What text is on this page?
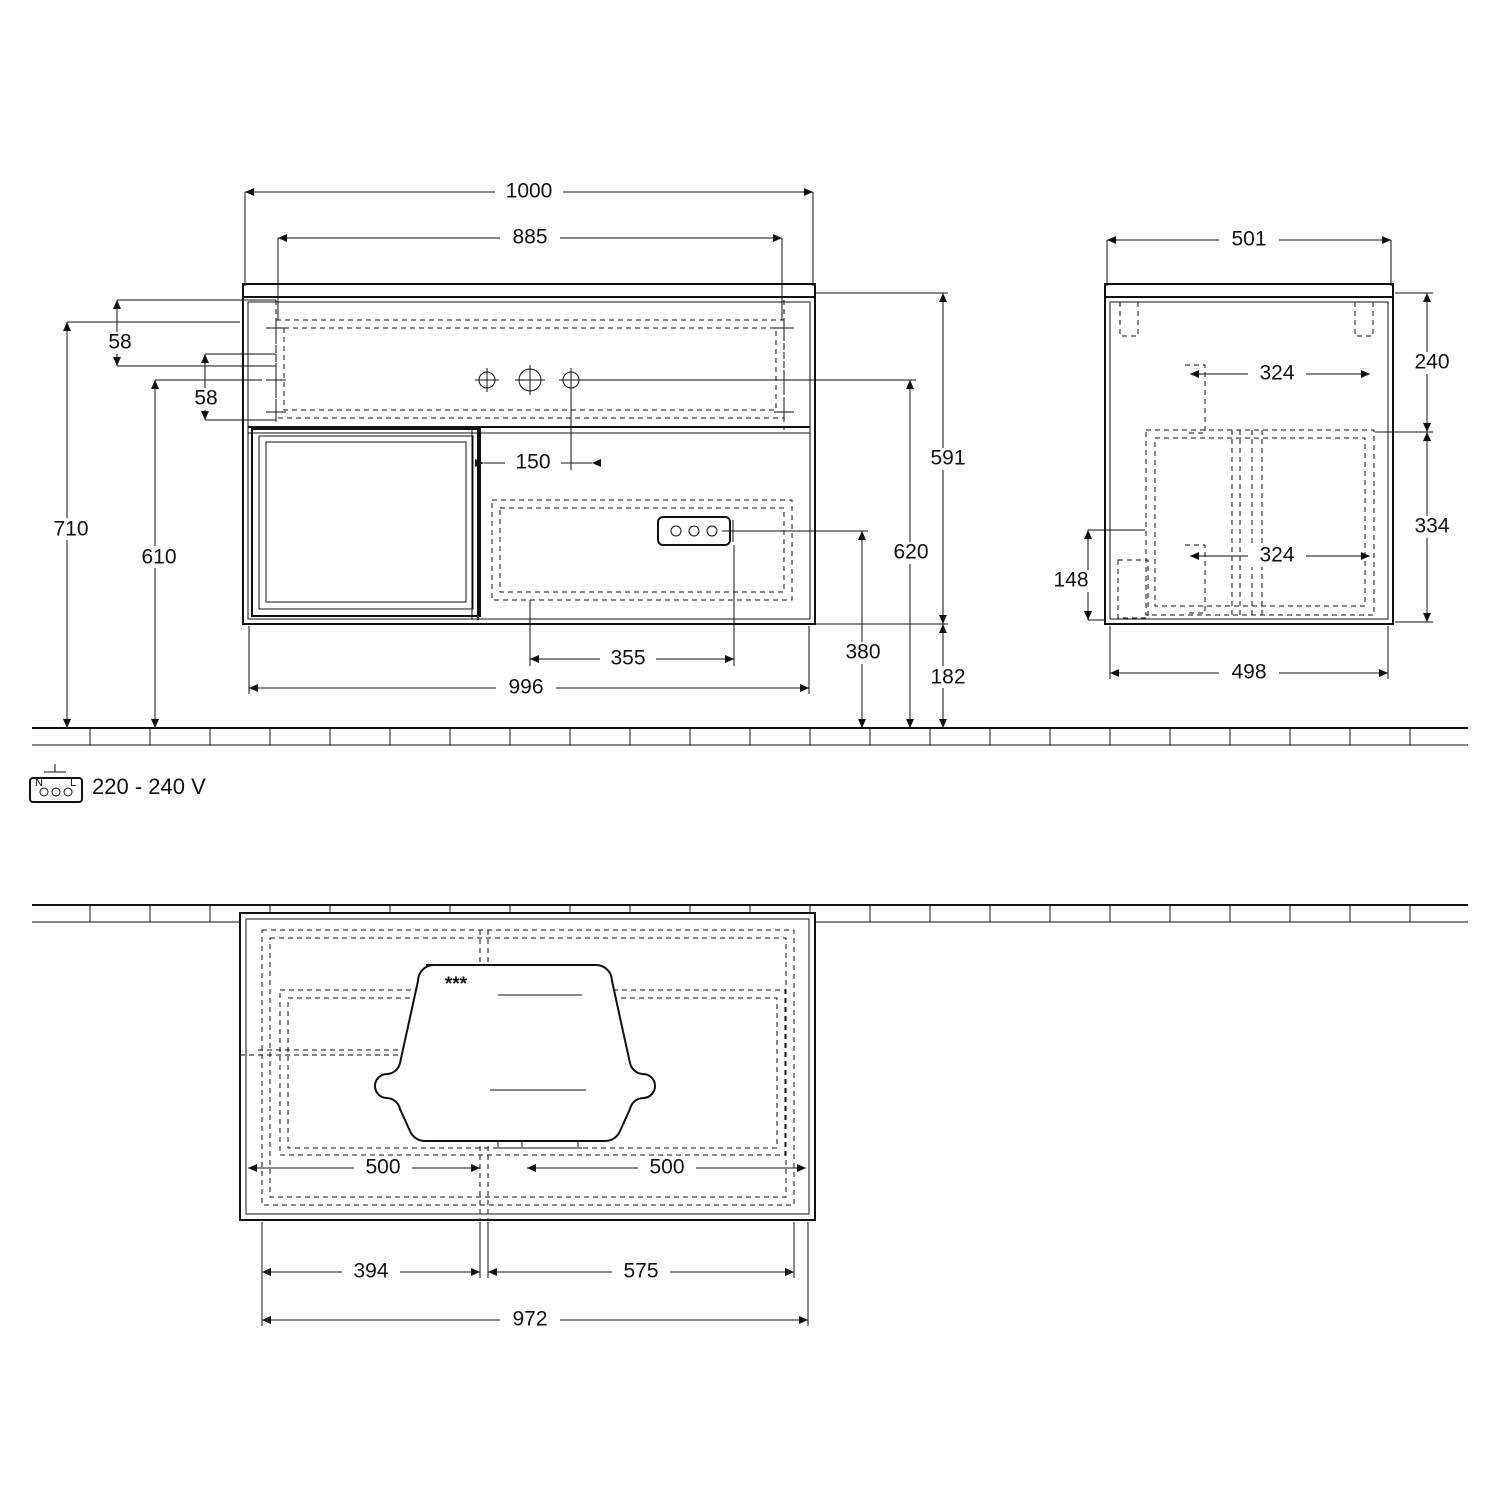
1000
885
58
58
150
710
610
591
620
380
182
355
996
N L 220 - 240 V
501
324
324
240
334
148
498
***
500	500
394	575
972
